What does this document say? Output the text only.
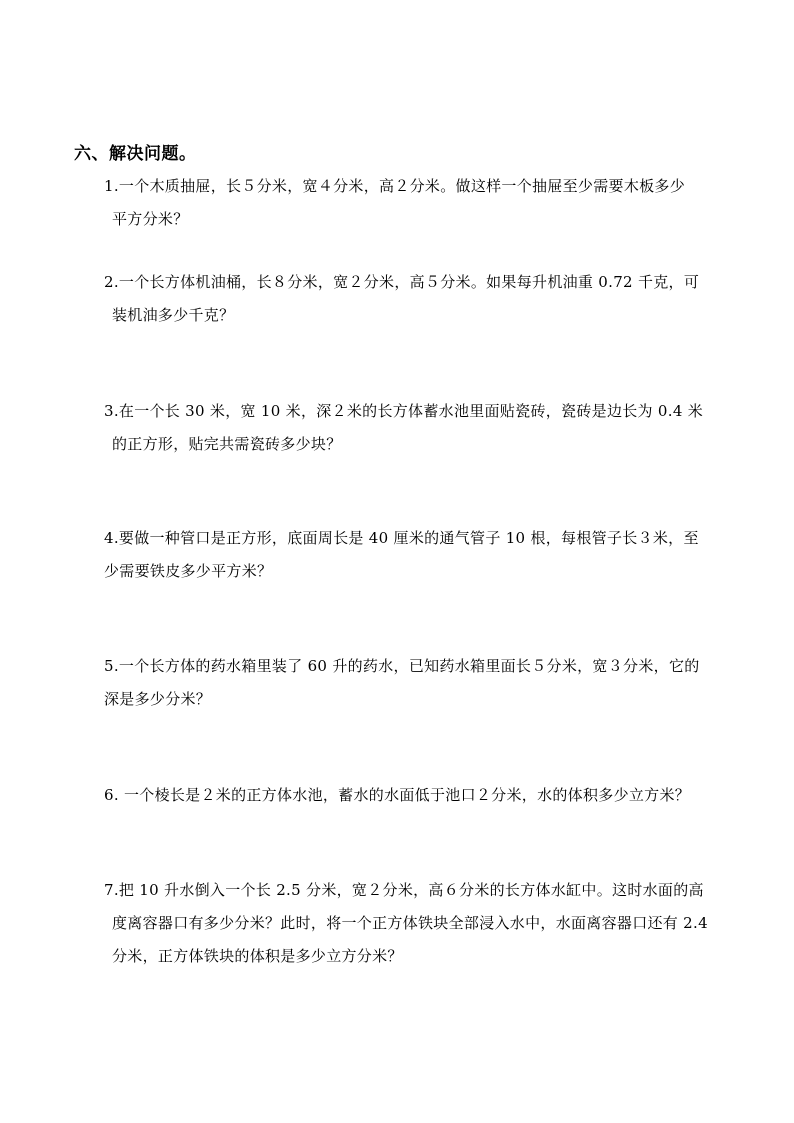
六、解决问题。
1.一个木质抽屉，长５分米，宽４分米，高２分米。做这样一个抽屉至少需要木板多少
平方分米？
2.一个长方体机油桶，长８分米，宽２分米，高５分米。如果每升机油重 0.72 千克，可
装机油多少千克？
3.在一个长 30 米，宽 10 米，深２米的长方体蓄水池里面贴瓷砖，瓷砖是边长为 0.4 米
的正方形，贴完共需瓷砖多少块？
4.要做一种管口是正方形，底面周长是 40 厘米的通气管子 10 根，每根管子长３米，至
少需要铁皮多少平方米？
5.一个长方体的药水箱里装了 60 升的药水，已知药水箱里面长５分米，宽３分米，它的
深是多少分米？
6. 一个棱长是２米的正方体水池，蓄水的水面低于池口２分米，水的体积多少立方米？
7.把 10 升水倒入一个长 2.5 分米，宽２分米，高６分米的长方体水缸中。这时水面的高
度离容器口有多少分米？此时，将一个正方体铁块全部浸入水中，水面离容器口还有 2.4
分米，正方体铁块的体积是多少立方分米？
